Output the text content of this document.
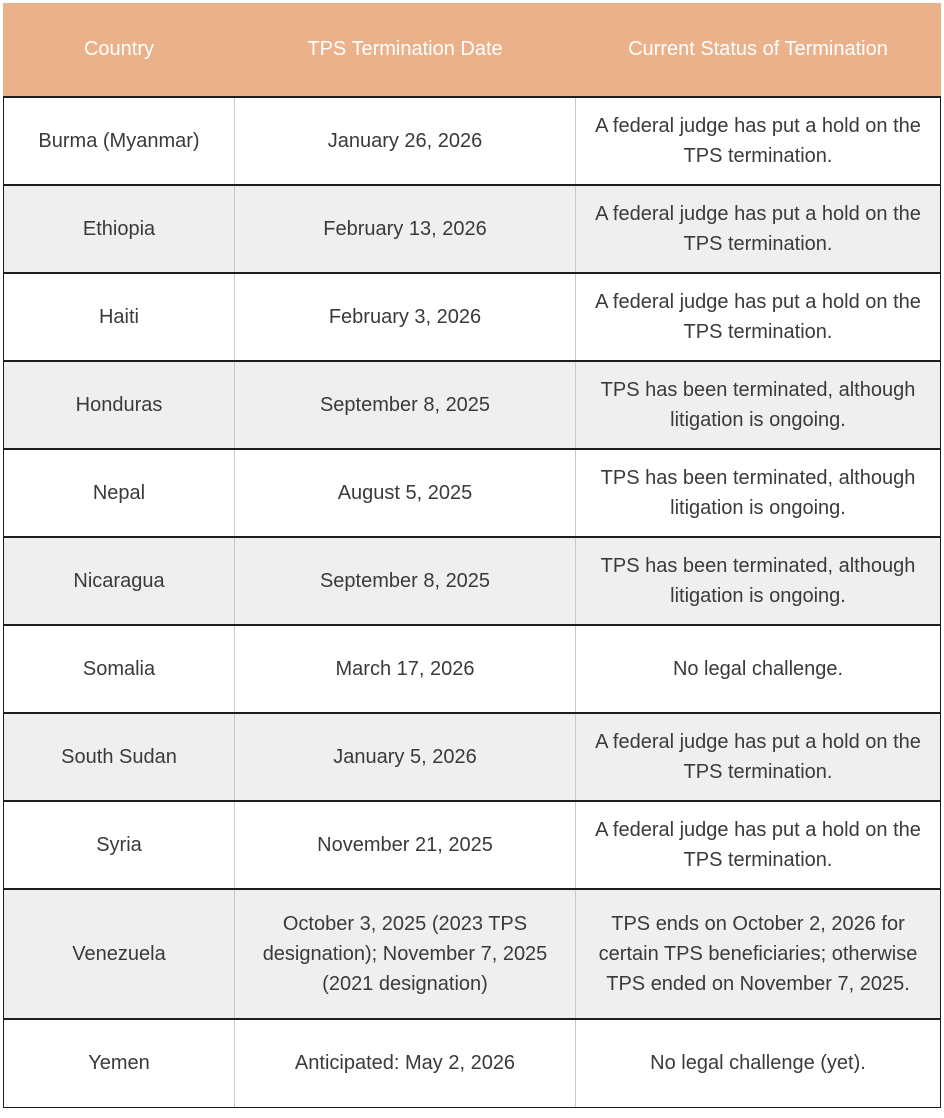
Country	TPS Termination Date	Current Status of Termination
Burma (Myanmar)	January 26, 2026	A federal judge has put a hold on the TPS termination.
Ethiopia	February 13, 2026	A federal judge has put a hold on the TPS termination.
Haiti	February 3, 2026	A federal judge has put a hold on the TPS termination.
Honduras	September 8, 2025	TPS has been terminated, although litigation is ongoing.
Nepal	August 5, 2025	TPS has been terminated, although litigation is ongoing.
Nicaragua	September 8, 2025	TPS has been terminated, although litigation is ongoing.
Somalia	March 17, 2026	No legal challenge.
South Sudan	January 5, 2026	A federal judge has put a hold on the TPS termination.
Syria	November 21, 2025	A federal judge has put a hold on the TPS termination.
Venezuela	October 3, 2025 (2023 TPS designation); November 7, 2025 (2021 designation)	TPS ends on October 2, 2026 for certain TPS beneficiaries; otherwise TPS ended on November 7, 2025.
Yemen	Anticipated: May 2, 2026	No legal challenge (yet).
